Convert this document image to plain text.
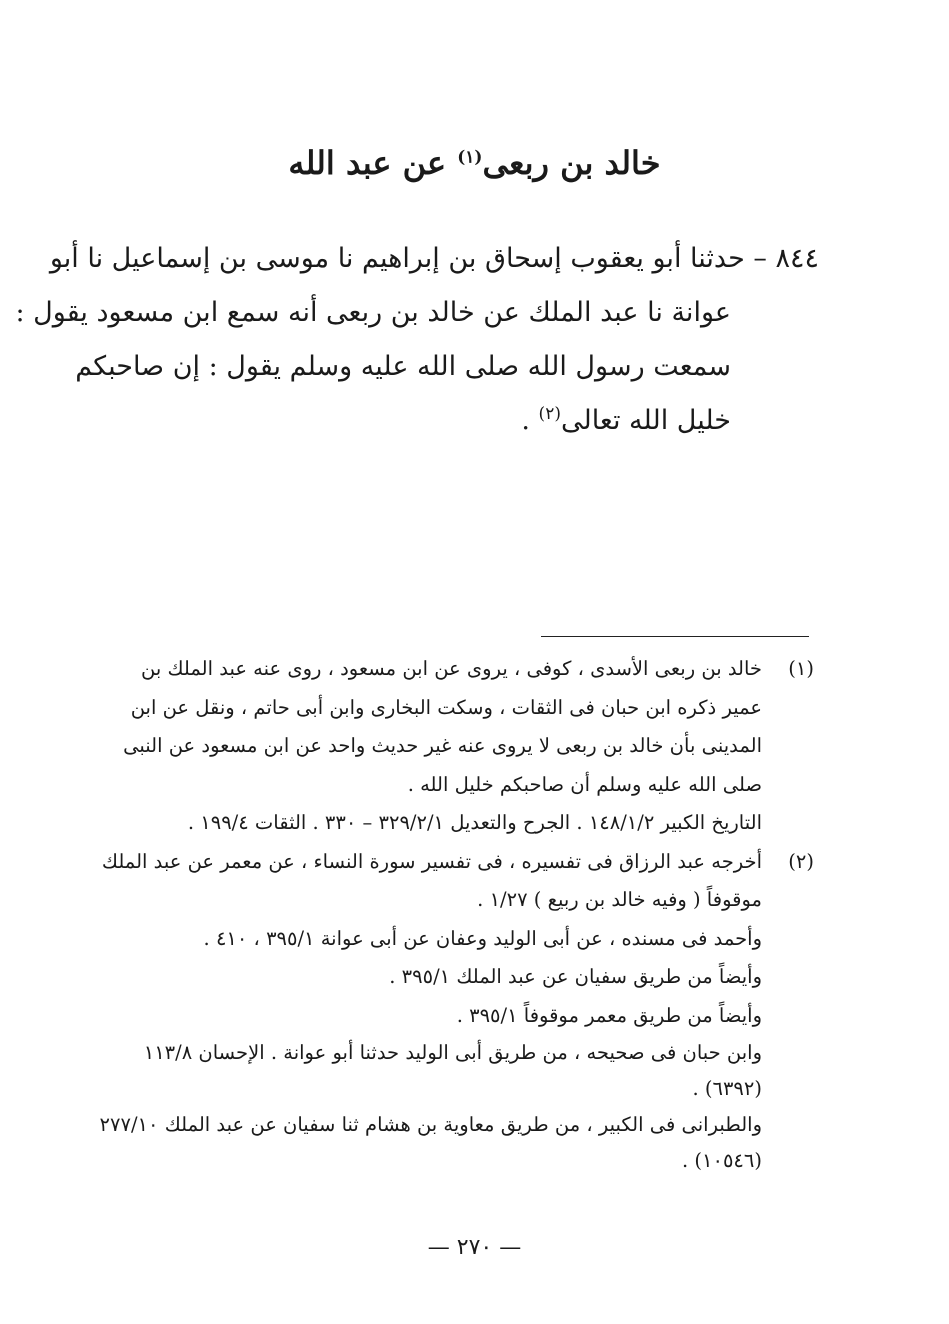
خالد بن ربعى$^{(١)}$ عن عبد الله
٨٤٤ – حدثنا أبو يعقوب إسحاق بن إبراهيم نا موسى بن إسماعيل نا أبو
عوانة نا عبد الملك عن خالد بن ربعى أنه سمع ابن مسعود يقول :
سمعت رسول الله صلى الله عليه وسلم يقول : إن صاحبكم
خليل الله تعالى$^{(٢)}$ .
(١)خالد بن ربعى الأسدى ، كوفى ، يروى عن ابن مسعود ، روى عنه عبد الملك بن
عمير ذكره ابن حبان فى الثقات ، وسكت البخارى وابن أبى حاتم ، ونقل عن ابن
المدينى بأن خالد بن ربعى لا يروى عنه غير حديث واحد عن ابن مسعود عن النبى
صلى الله عليه وسلم أن صاحبكم خليل الله .
التاريخ الكبير ١٤٨/١/٢ . الجرح والتعديل ٣٢٩/٢/١ – ٣٣٠ . الثقات ١٩٩/٤ .
(٢)أخرجه عبد الرزاق فى تفسيره ، فى تفسير سورة النساء ، عن معمر عن عبد الملك
موقوفاً ( وفيه خالد بن ربيع ) ١/٢٧ .
وأحمد فى مسنده ، عن أبى الوليد وعفان عن أبى عوانة ٣٩٥/١ ، ٤١٠ .
وأيضاً من طريق سفيان عن عبد الملك ٣٩٥/١ .
وأيضاً من طريق معمر موقوفاً ٣٩٥/١ .
وابن حبان فى صحيحه ، من طريق أبى الوليد حدثنا أبو عوانة . الإحسان ١١٣/٨
(٦٣٩٢) .
والطبرانى فى الكبير ، من طريق معاوية بن هشام ثنا سفيان عن عبد الملك ٢٧٧/١٠
(١٠٥٤٦) .
— ٢٧٠ —
